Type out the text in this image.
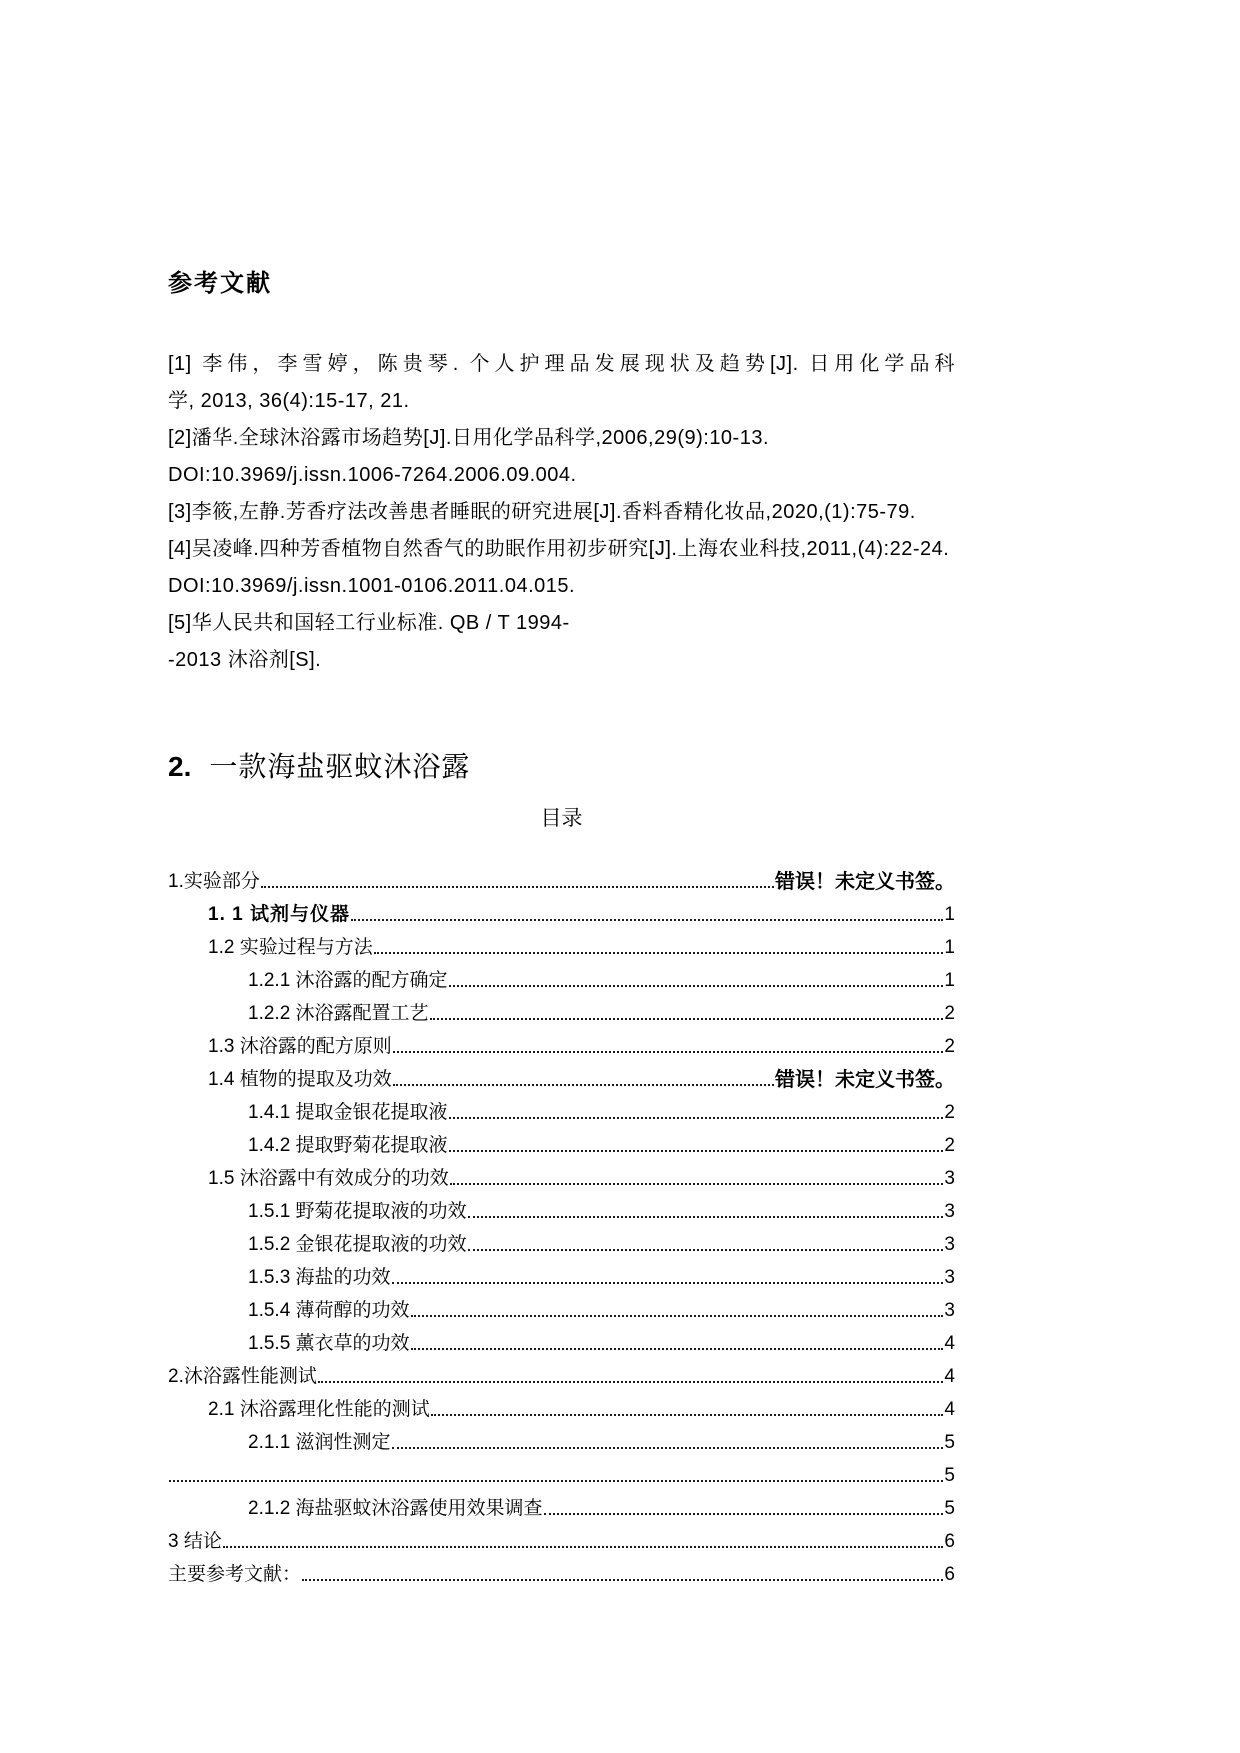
参考文献
[1] 李伟，李雪婷，陈贵琴. 个人护理品发展现状及趋势[J]. 日用化学品科
学, 2013, 36(4):15-17, 21.
[2]潘华.全球沐浴露市场趋势[J].日用化学品科学,2006,29(9):10-13.
DOI:10.3969/j.issn.1006-7264.2006.09.004.
[3]李筱,左静.芳香疗法改善患者睡眠的研究进展[J].香料香精化妆品,2020,(1):75-79.
[4]吴凌峰.四种芳香植物自然香气的助眠作用初步研究[J].上海农业科技,2011,(4):22-24.
DOI:10.3969/j.issn.1001-0106.2011.04.015.
[5]华人民共和国轻工行业标准. QB / T 1994-
-2013 沐浴剂[S].
2. 一款海盐驱蚊沐浴露
目录
1.实验部分	错误！未定义书签。
1. 1 试剂与仪器	1
1.2 实验过程与方法	1
1.2.1 沐浴露的配方确定	1
1.2.2 沐浴露配置工艺	2
1.3 沐浴露的配方原则	2
1.4 植物的提取及功效	错误！未定义书签。
1.4.1 提取金银花提取液	2
1.4.2 提取野菊花提取液	2
1.5 沐浴露中有效成分的功效	3
1.5.1 野菊花提取液的功效	3
1.5.2 金银花提取液的功效	3
1.5.3 海盐的功效	3
1.5.4 薄荷醇的功效	3
1.5.5 薰衣草的功效	4
2.沐浴露性能测试	4
2.1 沐浴露理化性能的测试	4
2.1.1 滋润性测定	5
5
2.1.2 海盐驱蚊沐浴露使用效果调查	5
3 结论	6
主要参考文献：	6
